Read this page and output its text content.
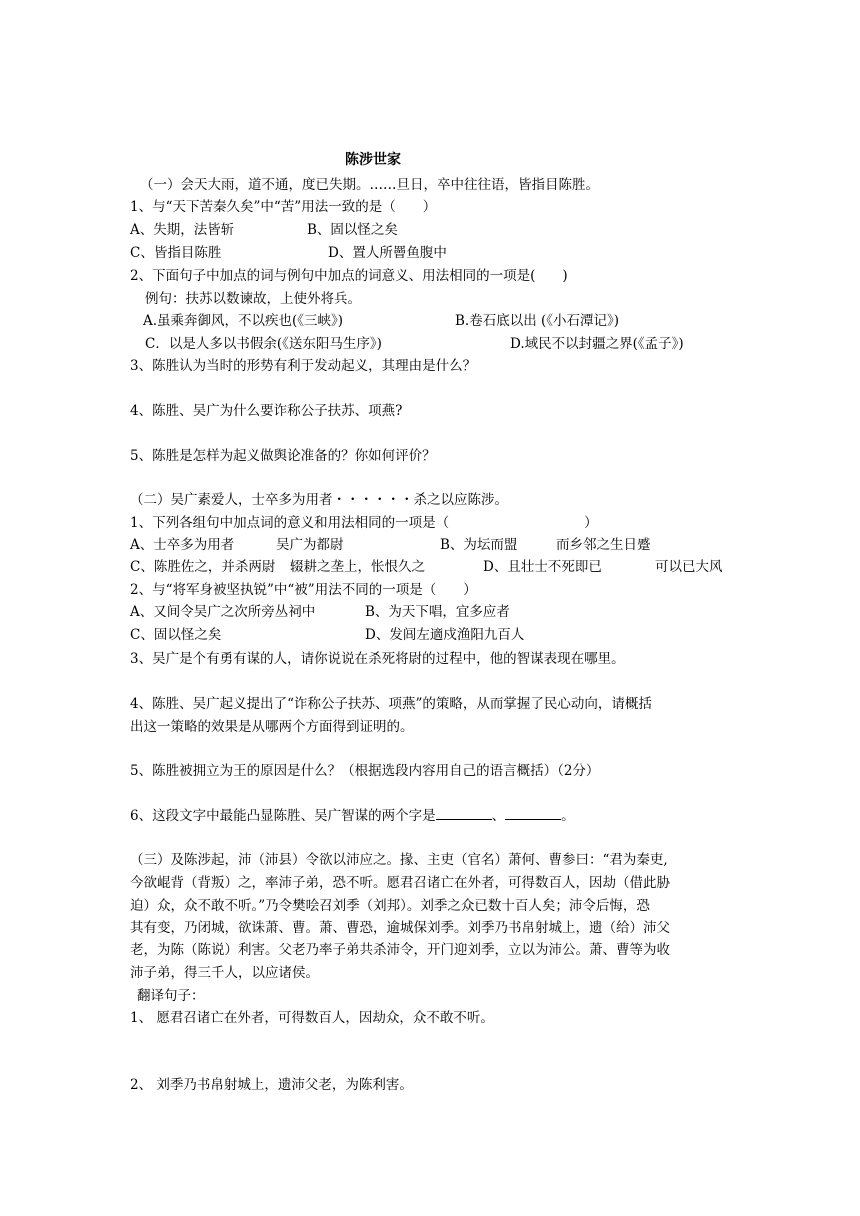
陈涉世家
（一）会天大雨，道不通，度已失期。……旦日，卒中往往语，皆指目陈胜。
1、与“天下苦秦久矣”中“苦”用法一致的是（　　）
A、失期，法皆斩	B、固以怪之矣
C、皆指目陈胜	D、置人所罾鱼腹中
2、下面句子中加点的词与例句中加点的词意义、用法相同的一项是(　　)
例句：扶苏以数谏故，上使外将兵。
A.虽乘奔御风，不以疾也(《三峡》)	B.卷石底以出 (《小石潭记》)
C．以是人多以书假余(《送东阳马生序》)	D.域民不以封疆之界(《孟子》)
3、陈胜认为当时的形势有利于发动起义，其理由是什么？
4、陈胜、吴广为什么要诈称公子扶苏、项燕?
5、陈胜是怎样为起义做舆论准备的？你如何评价？
（二）吴广素爱人，士卒多为用者・・・・・・杀之以应陈涉。
1、下列各组句中加点词的意义和用法相同的一项是（　　　　　　　　　　）
A、士卒多为用者	吴广为都尉	B、为坛而盟	而乡邻之生日蹙
C、陈胜佐之，并杀两尉 辍耕之垄上，怅恨久之	D、且壮士不死即已	可以已大风
2、与“将军身被坚执锐”中“被”用法不同的一项是（　　）
A、又间令吴广之次所旁丛祠中	B、为天下唱，宜多应者
C、固以怪之矣	D、发闾左適戍渔阳九百人
3、吴广是个有勇有谋的人，请你说说在杀死将尉的过程中，他的智谋表现在哪里。
4、陈胜、吴广起义提出了“诈称公子扶苏、项燕”的策略，从而掌握了民心动向，请概括
出这一策略的效果是从哪两个方面得到证明的。
5、陈胜被拥立为王的原因是什么？（根据选段内容用自己的语言概括）（2分）
6、这段文字中最能凸显陈胜、吴广智谋的两个字是	、	。
（三）及陈涉起，沛（沛县）令欲以沛应之。掾、主吏（官名）萧何、曹参曰：“君为秦吏,
今欲崐背（背叛）之，率沛子弟，恐不听。愿君召诸亡在外者，可得数百人，因劫（借此胁
迫）众，众不敢不听。”乃令樊哙召刘季（刘邦）。刘季之众已数十百人矣；沛令后悔，恐
其有变，乃闭城，欲诛萧、曹。萧、曹恐，逾城保刘季。刘季乃书帛射城上，遗（给）沛父
老，为陈（陈说）利害。父老乃率子弟共杀沛令，开门迎刘季，立以为沛公。萧、曹等为收
沛子弟，得三千人，以应诸侯。
翻译句子：
1、 愿君召诸亡在外者，可得数百人，因劫众，众不敢不听。
2、 刘季乃书帛射城上，遗沛父老，为陈利害。
